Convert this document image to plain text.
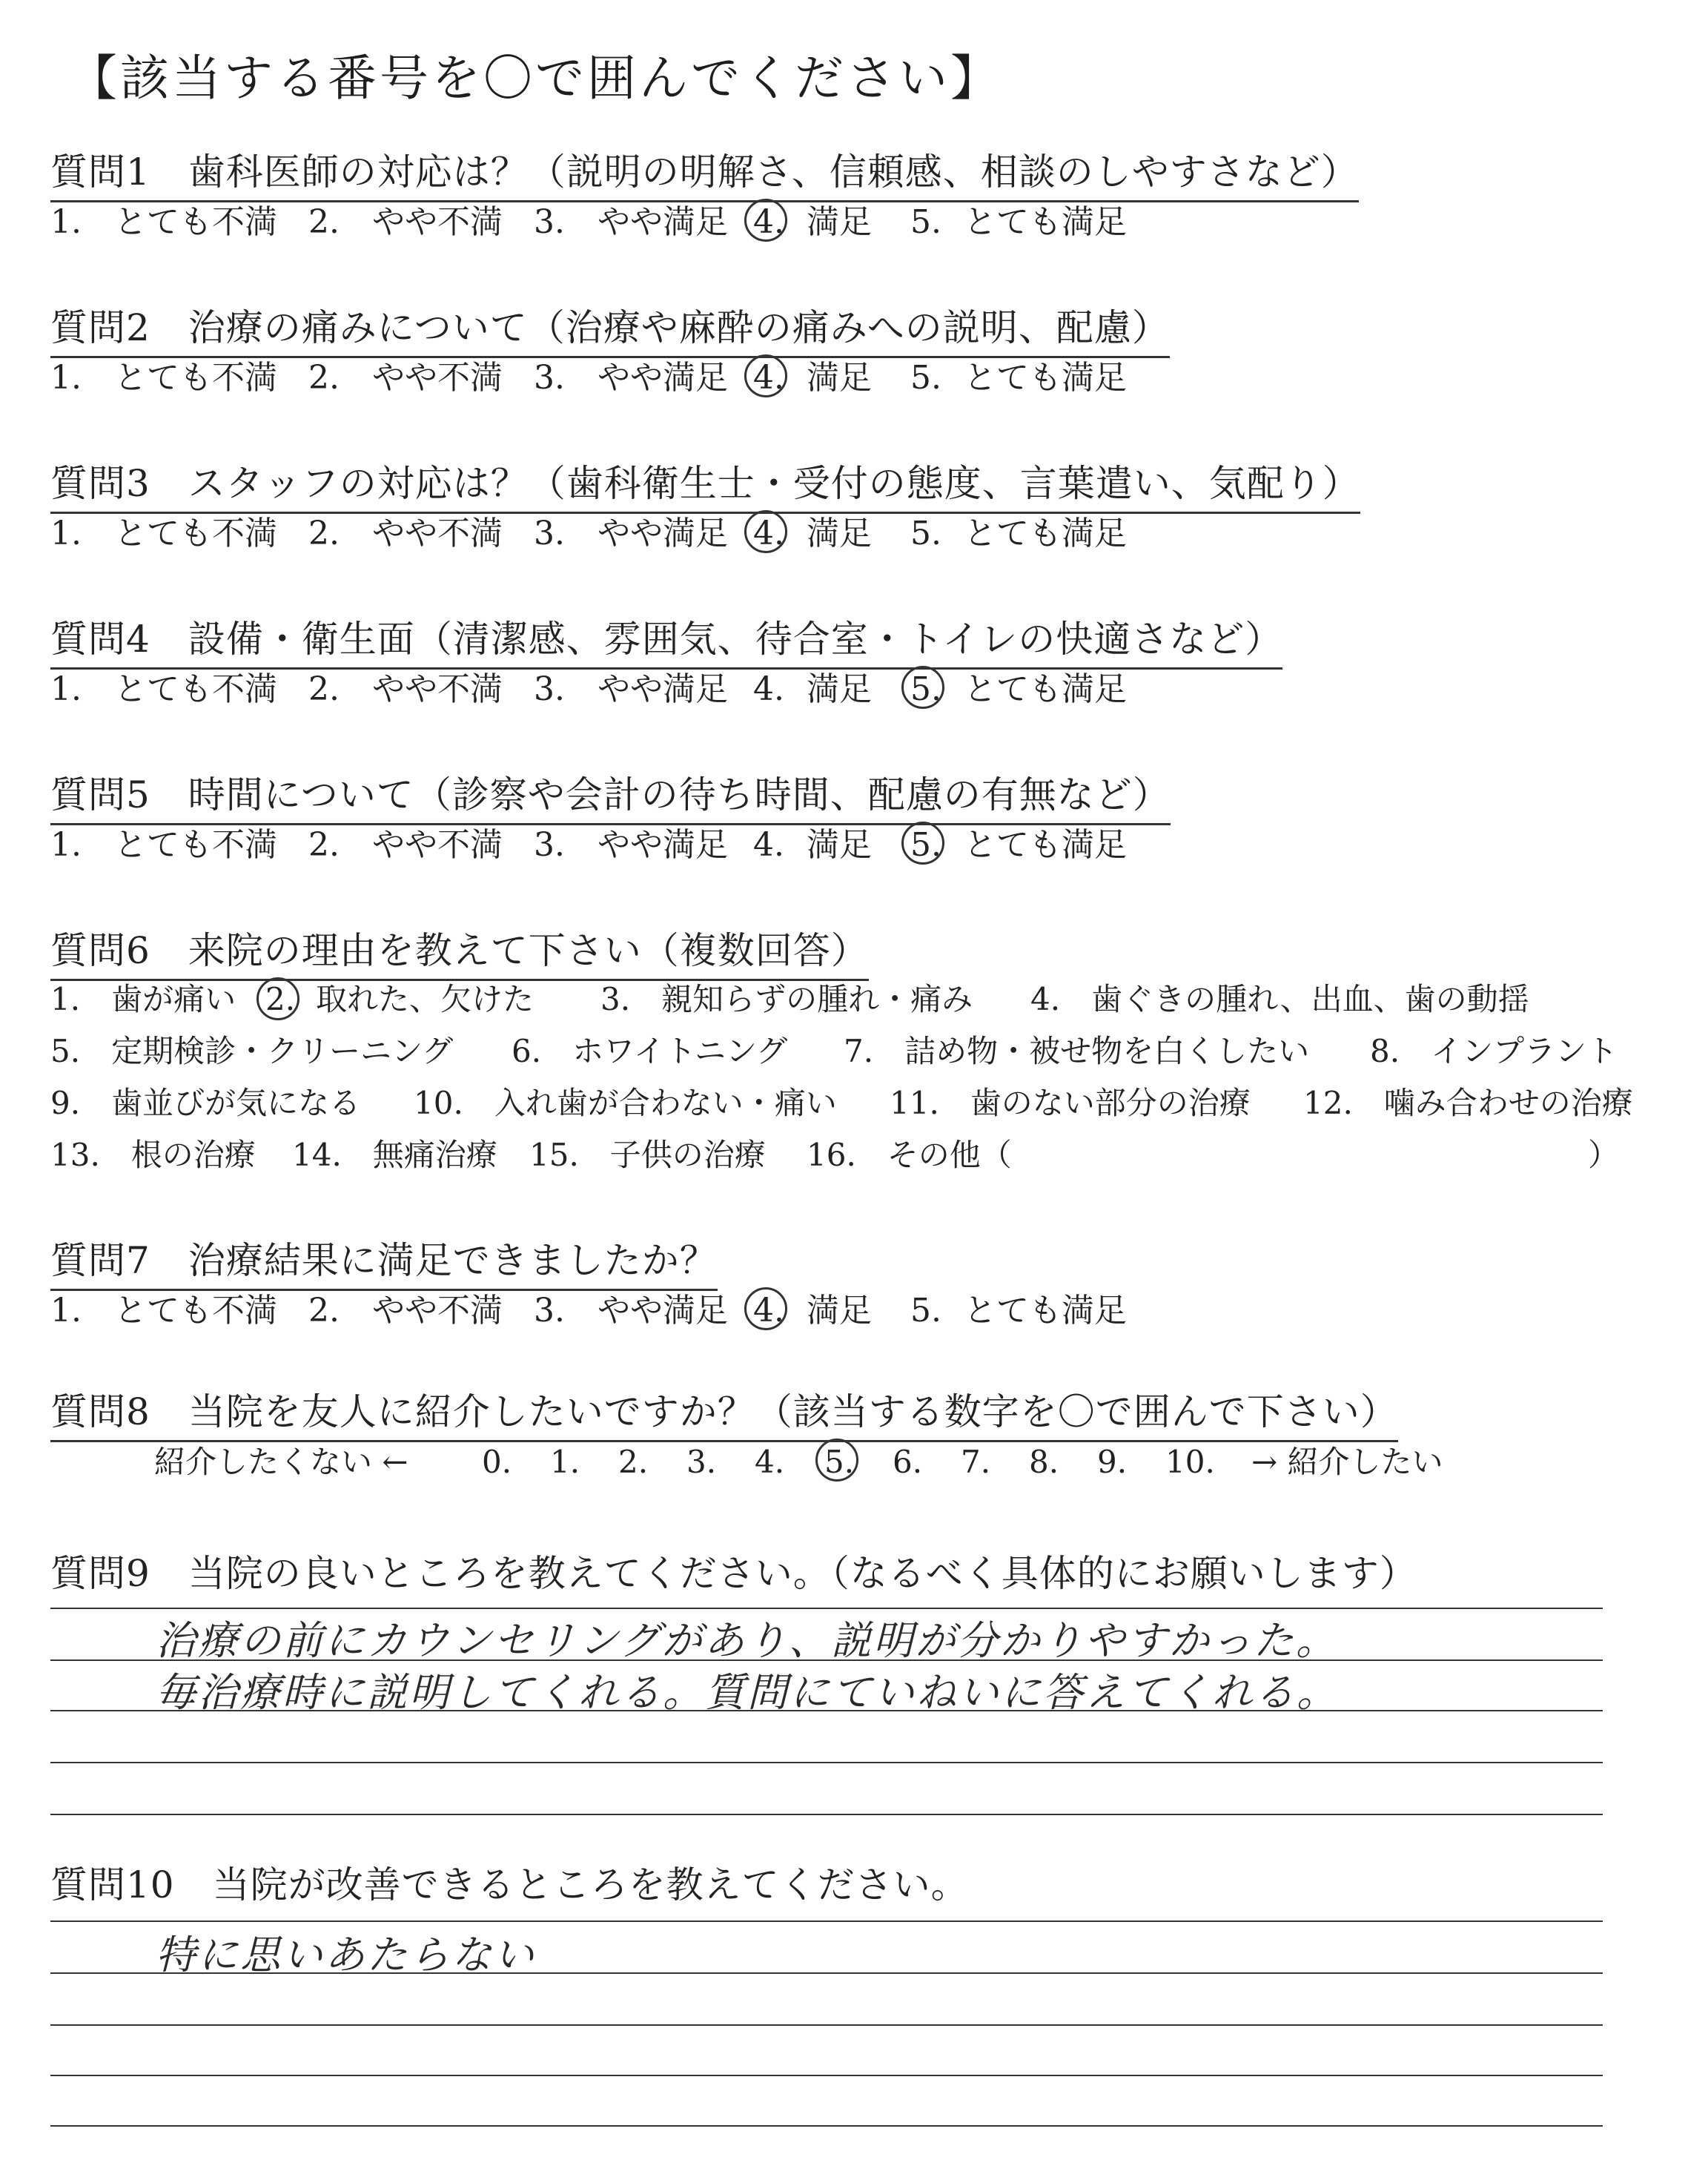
【該当する番号を〇で囲んでください】
質問1　歯科医師の対応は？（説明の明解さ、信頼感、相談のしやすさなど）
1.　とても不満 2.　やや不満 3.　やや満足 4. 満足 5. とても満足
質問2　治療の痛みについて（治療や麻酔の痛みへの説明、配慮）
1.　とても不満 2.　やや不満 3.　やや満足 4. 満足 5. とても満足
質問3　スタッフの対応は？（歯科衛生士・受付の態度、言葉遣い、気配り）
1.　とても不満 2.　やや不満 3.　やや満足 4. 満足 5. とても満足
質問4　設備・衛生面（清潔感、雰囲気、待合室・トイレの快適さなど）
1.　とても不満 2.　やや不満 3.　やや満足 4. 満足 5. とても満足
質問5　時間について（診察や会計の待ち時間、配慮の有無など）
1.　とても不満 2.　やや不満 3.　やや満足 4. 満足 5. とても満足
質問6　来院の理由を教えて下さい（複数回答）
1.　歯が痛い 2. 取れた、欠けた 3.　親知らずの腫れ・痛み 4.　歯ぐきの腫れ、出血、歯の動揺
5.　定期検診・クリーニング 6.　ホワイトニング 7.　詰め物・被せ物を白くしたい 8.　インプラント
9.　歯並びが気になる 10.　入れ歯が合わない・痛い 11.　歯のない部分の治療 12.　噛み合わせの治療
13.　根の治療 14.　無痛治療 15.　子供の治療 16.　その他（	）
質問7　治療結果に満足できましたか？
1.　とても不満 2.　やや不満 3.　やや満足 4. 満足 5. とても満足
質問8　当院を友人に紹介したいですか？（該当する数字を〇で囲んで下さい）
紹介したくない ← 0. 1. 2. 3. 4. 5. 6. 7. 8. 9. 10. → 紹介したい
質問9　当院の良いところを教えてください。（なるべく具体的にお願いします）
治療の前にカウンセリングがあり、説明が分かりやすかった。
毎治療時に説明してくれる。質問にていねいに答えてくれる。
質問10　当院が改善できるところを教えてください。
特に思いあたらない
